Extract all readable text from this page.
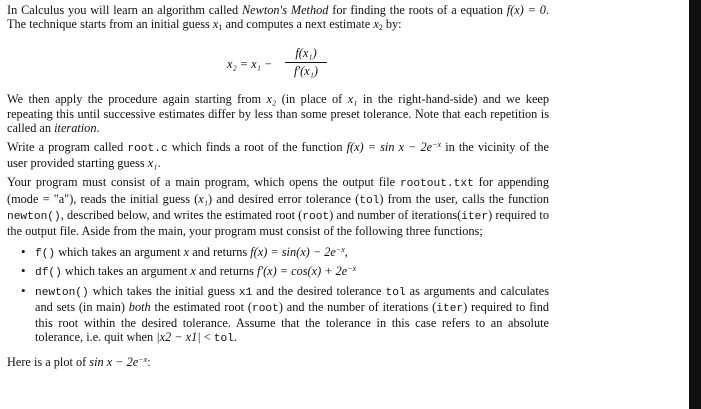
In Calculus you will learn an algorithm called Newton's Method for finding the roots of a equation f(x) = 0. The technique starts from an initial guess $x_1$ and computes a next estimate $x_2$ by:

$x_2 = x_1 - \frac{\text{f(x₁)}}{\text{f′(x₁)}}$

We then apply the procedure again starting from x₂ (in place of x₁ in the right-hand-side) and we keep repeating this until successive estimates differ by less than some preset tolerance. Note that each repetition is called an iteration.

Write a program called root.c which finds a root of the function $f(x) = \sin x - 2e^{-x}$ in the vicinity of the user provided starting guess x₁.

Your program must consist of a main program, which opens the output file rootout.txt for appending (mode = "a"), reads the initial guess (x₁) and desired error tolerance (tol) from the user, calls the function newton(), described below, and writes the estimated root (root) and number of iterations(iter) required to the output file. Aside from the main, your program must consist of the following three functions;

• f() which takes an argument x and returns $f(x) = \sin(x) - 2e^{-x}$,
• df() which takes an argument x and returns $f'(x) = \cos(x) + 2e^{-x}$
• newton() which takes the initial guess x1 and the desired tolerance tol as arguments and calculates and sets (in main) both the estimated root (root) and the number of iterations (iter) required to find this root within the desired tolerance. Assume that the tolerance in this case refers to an absolute tolerance, i.e. quit when |x2 − x1| < tol.

Here is a plot of $\sin x - 2e^{-x}$:
